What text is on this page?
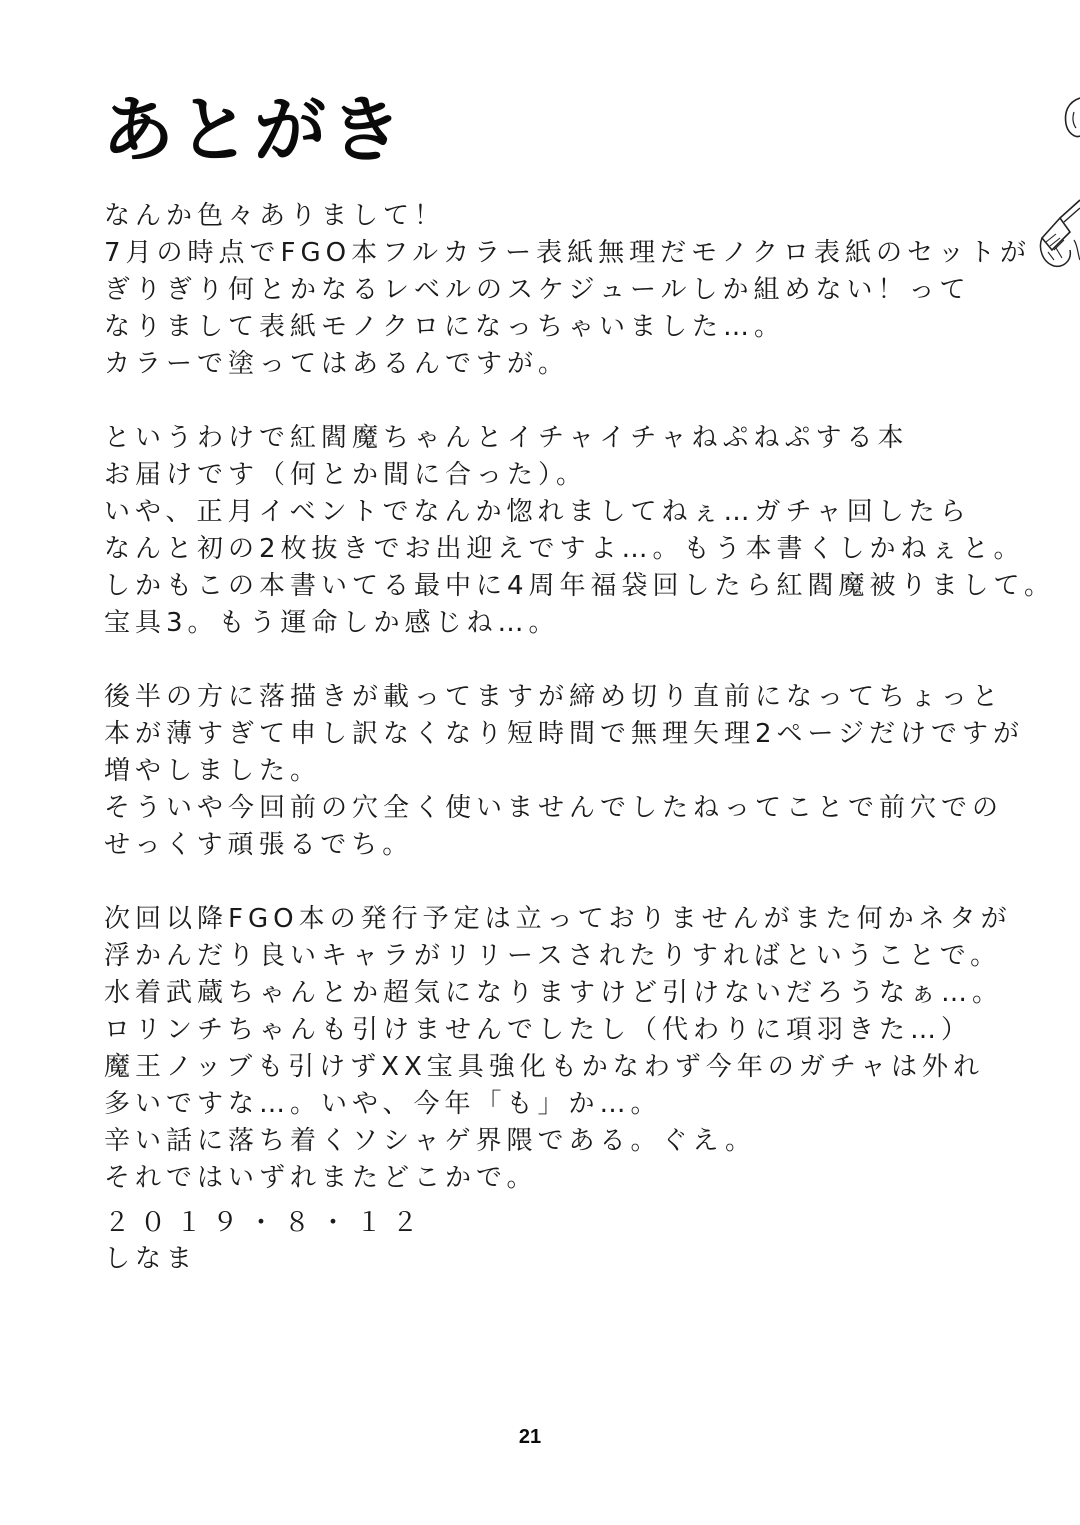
あとがき
なんか色々ありまして！
7月の時点でFGO本フルカラー表紙無理だモノクロ表紙のセットが
ぎりぎり何とかなるレベルのスケジュールしか組めない！って
なりまして表紙モノクロになっちゃいました…。
カラーで塗ってはあるんですが。
というわけで紅閻魔ちゃんとイチャイチャねぷねぷする本
お届けです（何とか間に合った）。
いや、正月イベントでなんか惚れましてねぇ…ガチャ回したら
なんと初の2枚抜きでお出迎えですよ…。もう本書くしかねぇと。
しかもこの本書いてる最中に4周年福袋回したら紅閻魔被りまして。
宝具3。もう運命しか感じね…。
後半の方に落描きが載ってますが締め切り直前になってちょっと
本が薄すぎて申し訳なくなり短時間で無理矢理2ページだけですが
増やしました。
そういや今回前の穴全く使いませんでしたねってことで前穴での
せっくす頑張るでち。
次回以降FGO本の発行予定は立っておりませんがまた何かネタが
浮かんだり良いキャラがリリースされたりすればということで。
水着武蔵ちゃんとか超気になりますけど引けないだろうなぁ…。
ロリンチちゃんも引けませんでしたし（代わりに項羽きた…）
魔王ノッブも引けずXX宝具強化もかなわず今年のガチャは外れ
多いですな…。いや、今年「も」か…。
辛い話に落ち着くソシャゲ界隈である。ぐえ。
それではいずれまたどこかで。
２０１９・８・１２
しなま
21
